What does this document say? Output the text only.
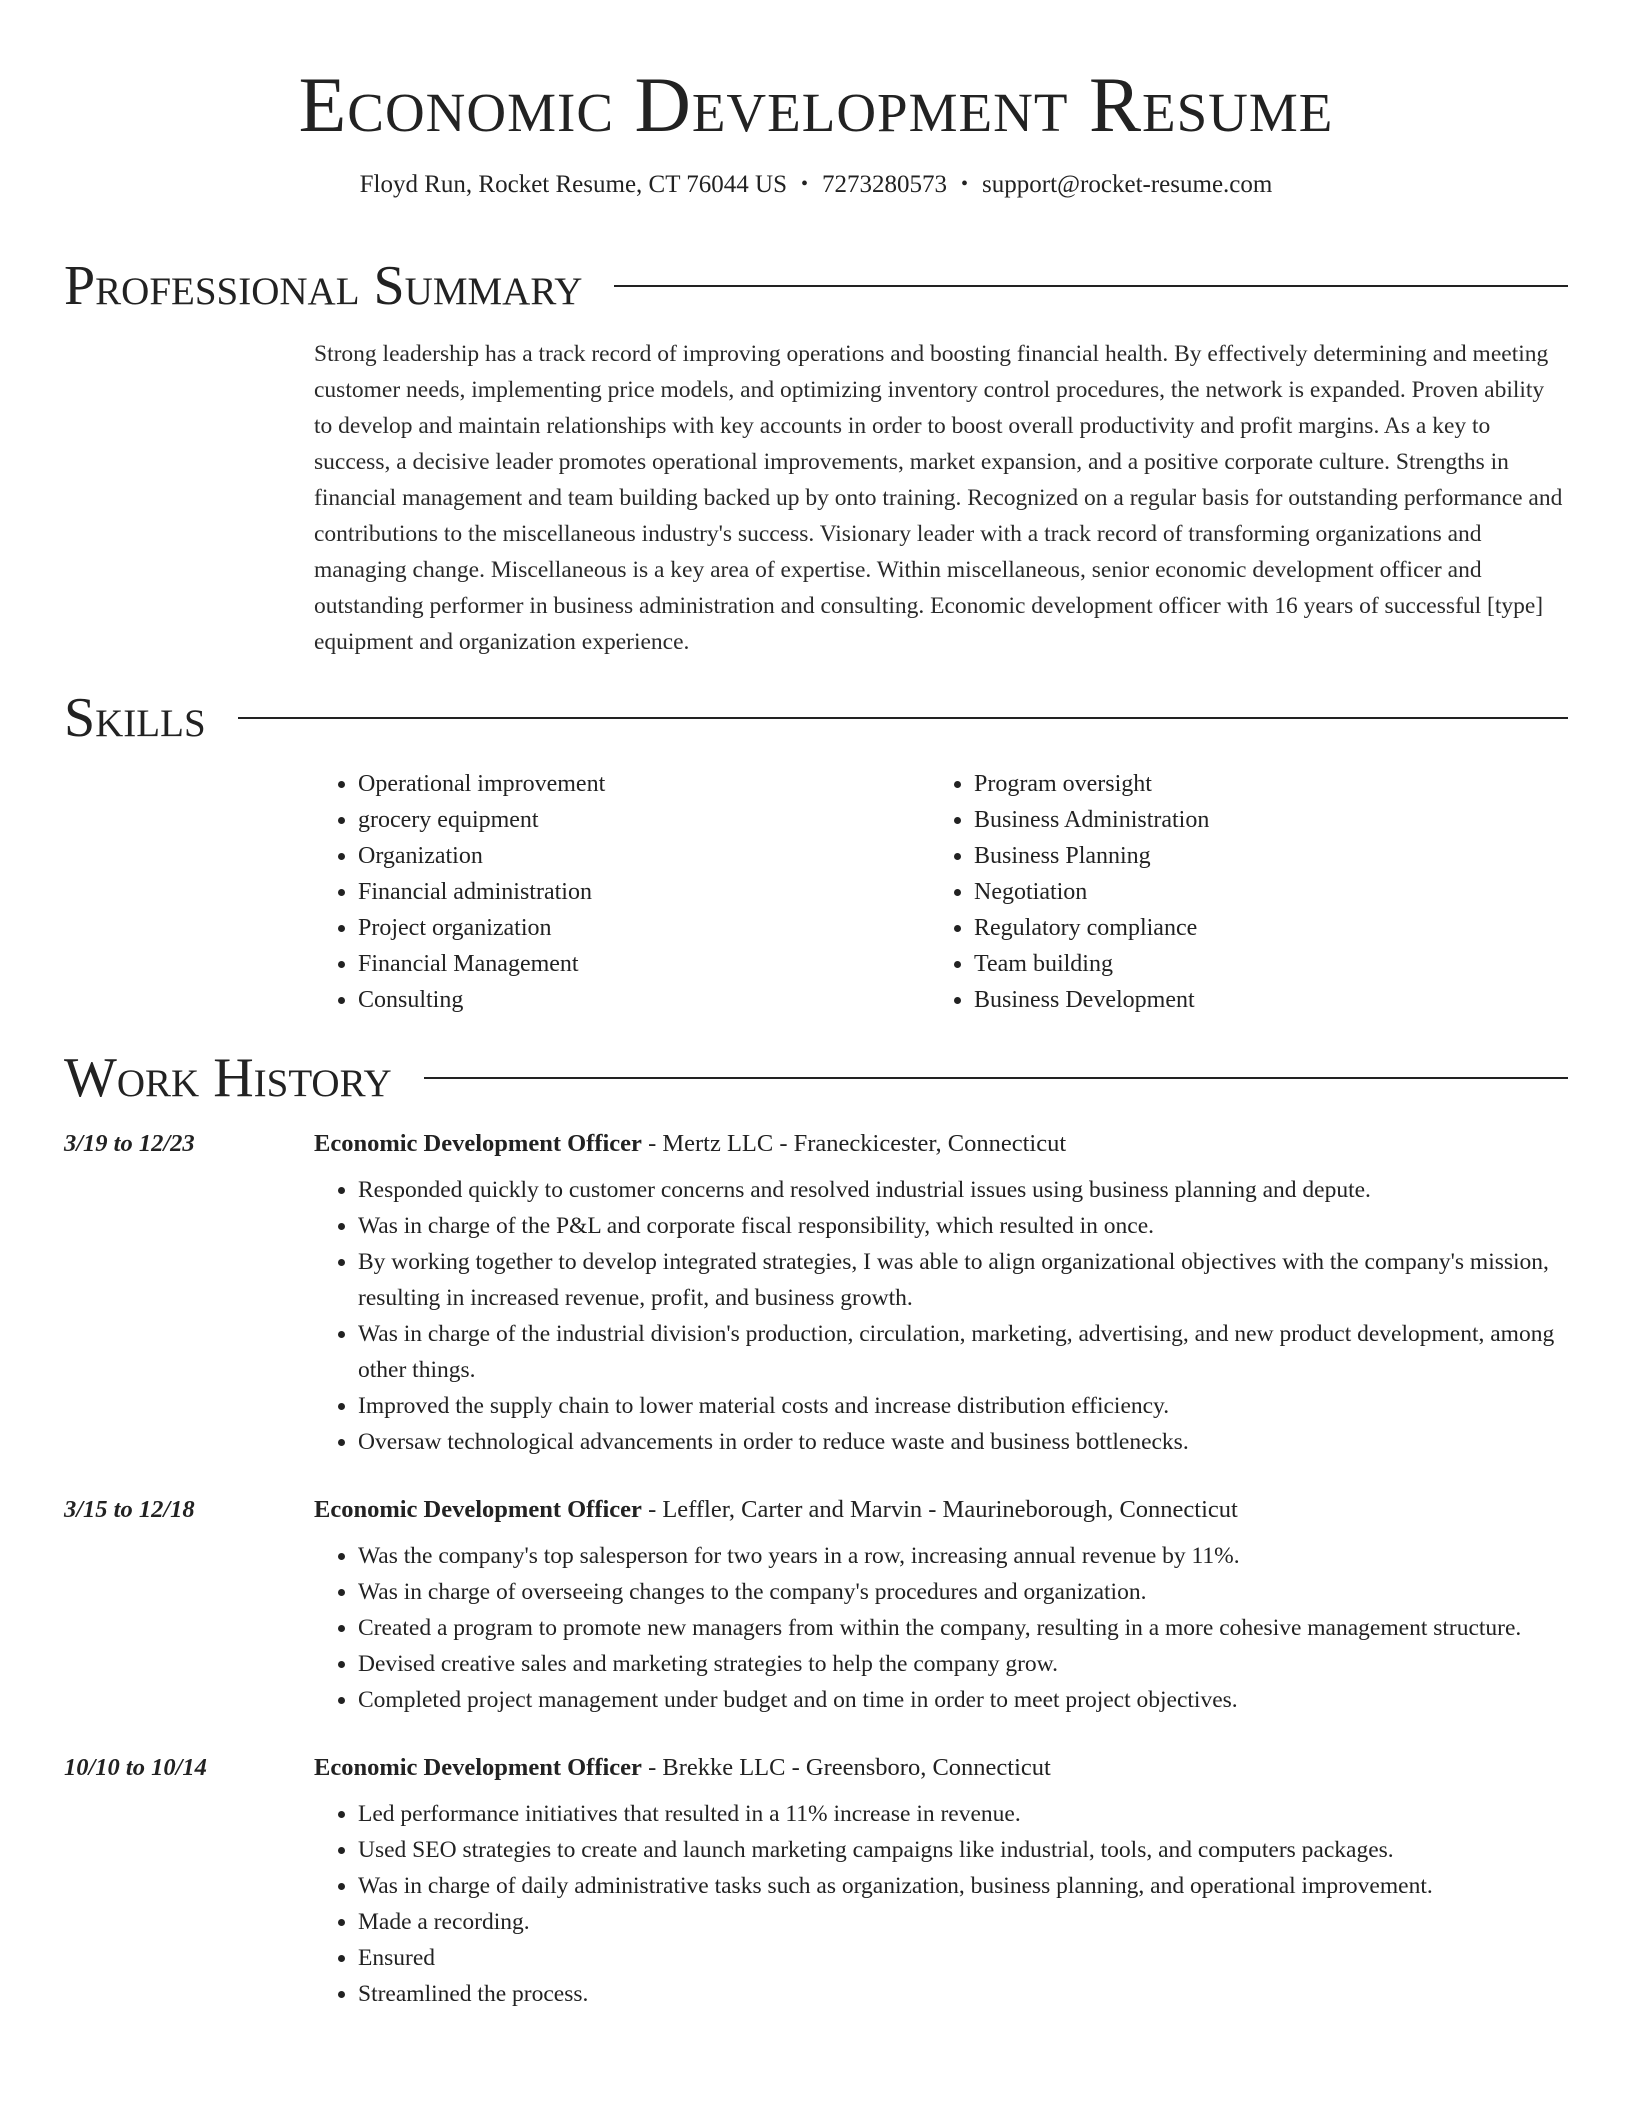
Economic Development Resume
Floyd Run, Rocket Resume, CT 76044 US • 7273280573 • support@rocket-resume.com
Professional Summary

Strong leadership has a track record of improving operations and boosting financial health. By effectively determining and meeting customer needs, implementing price models, and optimizing inventory control procedures, the network is expanded. Proven ability to develop and maintain relationships with key accounts in order to boost overall productivity and profit margins. As a key to success, a decisive leader promotes operational improvements, market expansion, and a positive corporate culture. Strengths in financial management and team building backed up by onto training. Recognized on a regular basis for outstanding performance and contributions to the miscellaneous industry's success. Visionary leader with a track record of transforming organizations and managing change. Miscellaneous is a key area of expertise. Within miscellaneous, senior economic development officer and outstanding performer in business administration and consulting. Economic development officer with 16 years of successful [type] equipment and organization experience.

Skills
• Operational improvement
• grocery equipment
• Organization
• Financial administration
• Project organization
• Financial Management
• Consulting
• Program oversight
• Business Administration
• Business Planning
• Negotiation
• Regulatory compliance
• Team building
• Business Development
Work History
3/19 to 12/23	Economic Development Officer - Mertz LLC - Franeckicester, Connecticut
• Responded quickly to customer concerns and resolved industrial issues using business planning and depute.
• Was in charge of the P&L and corporate fiscal responsibility, which resulted in once.
• By working together to develop integrated strategies, I was able to align organizational objectives with the company's mission, resulting in increased revenue, profit, and business growth.
• Was in charge of the industrial division's production, circulation, marketing, advertising, and new product development, among other things.
• Improved the supply chain to lower material costs and increase distribution efficiency.
• Oversaw technological advancements in order to reduce waste and business bottlenecks.
3/15 to 12/18	Economic Development Officer - Leffler, Carter and Marvin - Maurineborough, Connecticut
• Was the company's top salesperson for two years in a row, increasing annual revenue by 11%.
• Was in charge of overseeing changes to the company's procedures and organization.
• Created a program to promote new managers from within the company, resulting in a more cohesive management structure.
• Devised creative sales and marketing strategies to help the company grow.
• Completed project management under budget and on time in order to meet project objectives.
10/10 to 10/14	Economic Development Officer - Brekke LLC - Greensboro, Connecticut
• Led performance initiatives that resulted in a 11% increase in revenue.
• Used SEO strategies to create and launch marketing campaigns like industrial, tools, and computers packages.
• Was in charge of daily administrative tasks such as organization, business planning, and operational improvement.
• Made a recording.
• Ensured
• Streamlined the process.
